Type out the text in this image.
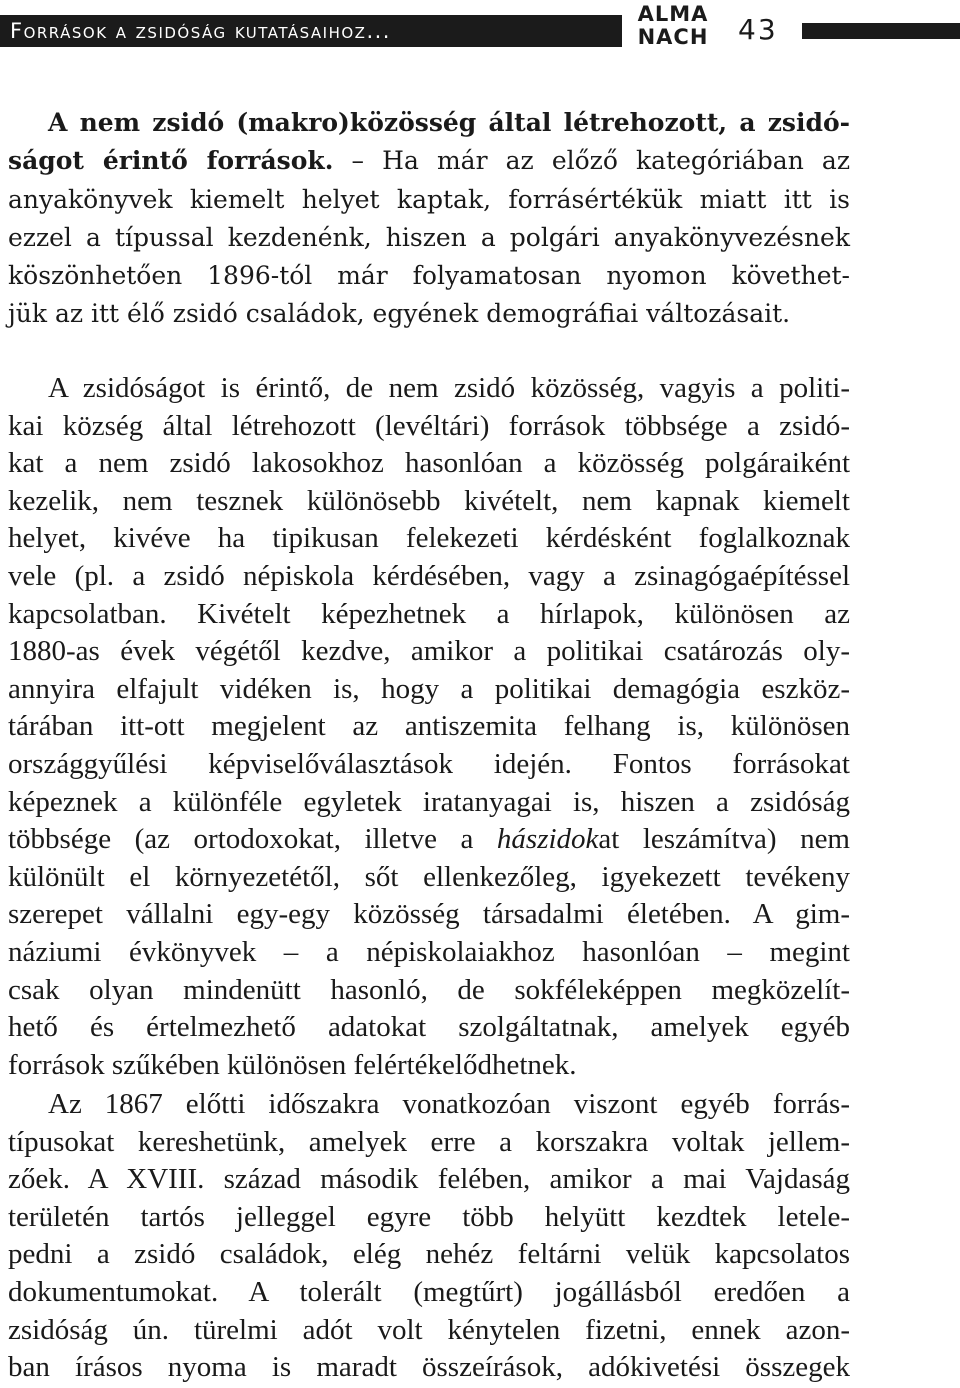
Források a zsidóság kutatásaihoz...
ALMA
NACH 43
A nem zsidó (makro)közösség által létrehozott, a zsidó-
ságot érintő források. – Ha már az előző kategóriában az
anyakönyvek kiemelt helyet kaptak, forrásértékük miatt itt is
ezzel a típussal kezdenénk, hiszen a polgári anyakönyvezésnek
köszönhetően 1896-tól már folyamatosan nyomon követhet-
jük az itt élő zsidó családok, egyének demográfiai változásait.
A zsidóságot is érintő, de nem zsidó közösség, vagyis a politi-
kai község által létrehozott (levéltári) források többsége a zsidó-
kat a nem zsidó lakosokhoz hasonlóan a közösség polgáraiként
kezelik, nem tesznek különösebb kivételt, nem kapnak kiemelt
helyet, kivéve ha tipikusan felekezeti kérdésként foglalkoznak
vele (pl. a zsidó népiskola kérdésében, vagy a zsinagógaépítéssel
kapcsolatban. Kivételt képezhetnek a hírlapok, különösen az
1880-as évek végétől kezdve, amikor a politikai csatározás oly-
annyira elfajult vidéken is, hogy a politikai demagógia eszköz-
tárában itt-ott megjelent az antiszemita felhang is, különösen
országgyűlési képviselőválasztások idején. Fontos forrásokat
képeznek a különféle egyletek iratanyagai is, hiszen a zsidóság
többsége (az ortodoxokat, illetve a hászidokat leszámítva) nem
különült el környezetétől, sőt ellenkezőleg, igyekezett tevékeny
szerepet vállalni egy-egy közösség társadalmi életében. A gim-
náziumi évkönyvek – a népiskolaiakhoz hasonlóan – megint
csak olyan mindenütt hasonló, de sokféleképpen megközelít-
hető és értelmezhető adatokat szolgáltatnak, amelyek egyéb
források szűkében különösen felértékelődhetnek.
Az 1867 előtti időszakra vonatkozóan viszont egyéb forrás-
típusokat kereshetünk, amelyek erre a korszakra voltak jellem-
zőek. A XVIII. század második felében, amikor a mai Vajdaság
területén tartós jelleggel egyre több helyütt kezdtek letele-
pedni a zsidó családok, elég nehéz feltárni velük kapcsolatos
dokumentumokat. A tolerált (megtűrt) jogállásból eredően a
zsidóság ún. türelmi adót volt kénytelen fizetni, ennek azon-
ban írásos nyoma is maradt összeírások, adókivetési összegek
